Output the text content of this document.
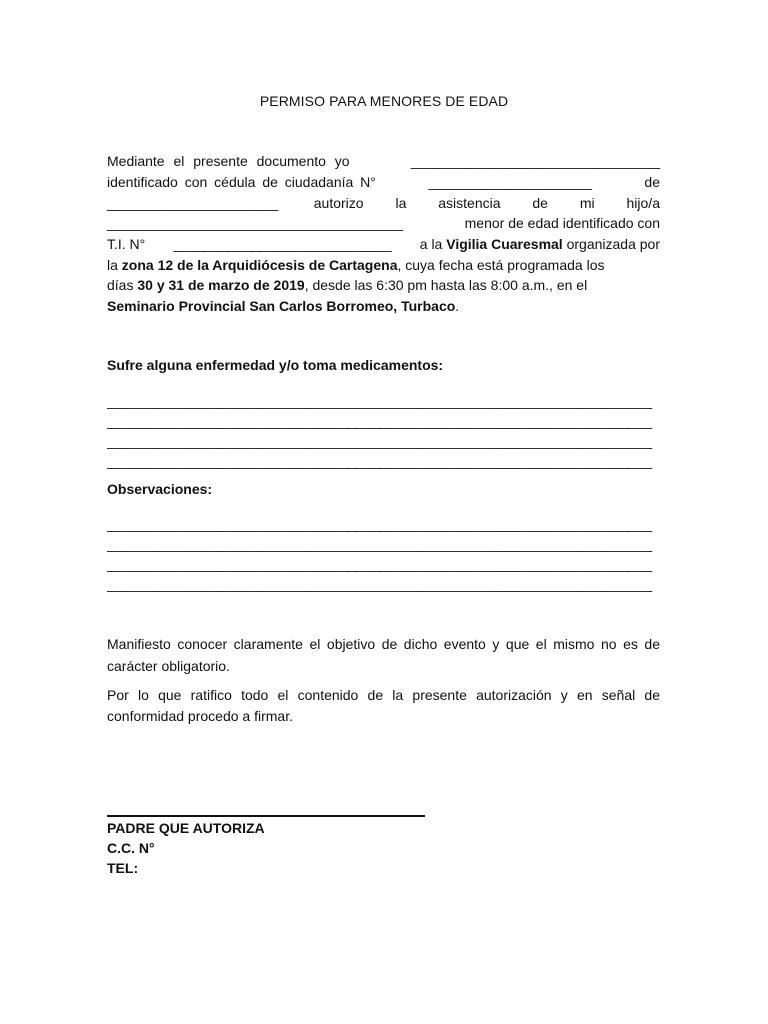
PERMISO PARA MENORES DE EDAD
Mediante el presente documento yo	________________________________
identificado con cédula de ciudadanía N°	_____________________	de
______________________	autorizo la asistencia de mi hijo/a
______________________________________	menor de edad identificado con
T.I. N° ____________________________ a la Vigilia Cuaresmal organizada por
la zona 12 de la Arquidiócesis de Cartagena, cuya fecha está programada los
días 30 y 31 de marzo de 2019, desde las 6:30 pm hasta las 8:00 a.m., en el
Seminario Provincial San Carlos Borromeo, Turbaco.
Sufre alguna enfermedad y/o toma medicamentos:
______________________________________________________________________
______________________________________________________________________
______________________________________________________________________
______________________________________________________________________
Observaciones:
______________________________________________________________________
______________________________________________________________________
______________________________________________________________________
______________________________________________________________________
Manifiesto conocer claramente el objetivo de dicho evento y que el mismo no es de carácter obligatorio.
Por lo que ratifico todo el contenido de la presente autorización y en señal de conformidad procedo a firmar.
PADRE QUE AUTORIZA
C.C. N°
TEL:
